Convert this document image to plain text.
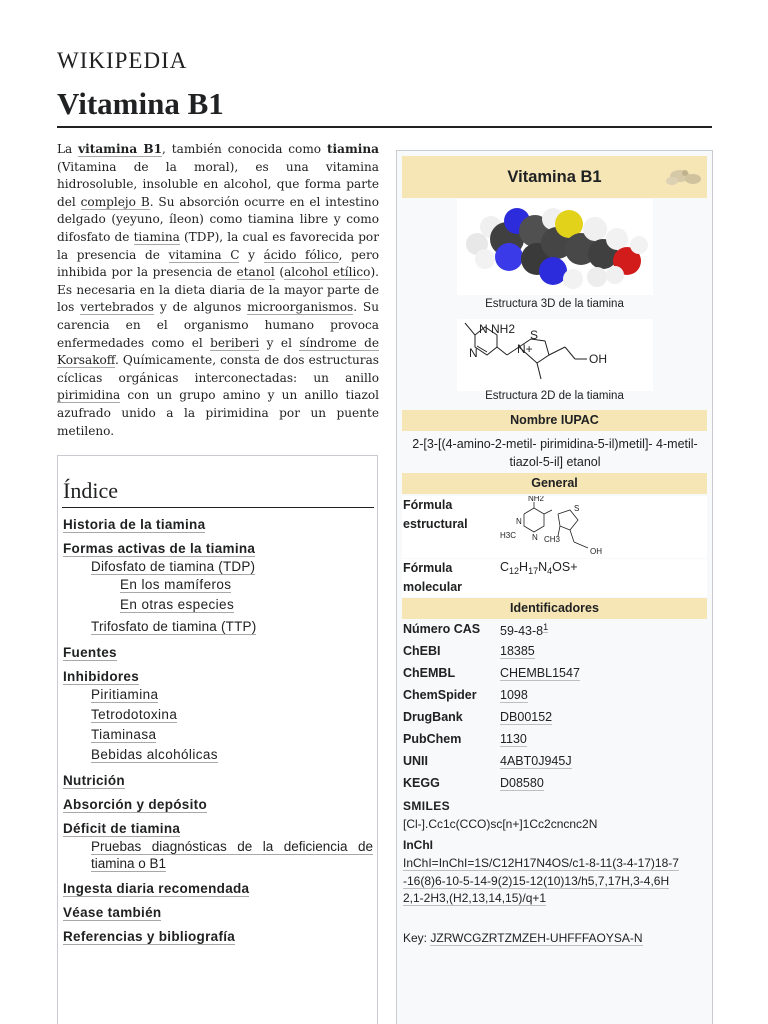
WIKIPEDIA
Vitamina B1
La vitamina B1, también conocida como tiamina (Vitamina de la moral), es una vitamina hidrosoluble, insoluble en alcohol, que forma parte del complejo B. Su absorción ocurre en el intestino delgado (yeyuno, íleon) como tiamina libre y como difosfato de tiamina (TDP), la cual es favorecida por la presencia de vitamina C y ácido fólico, pero inhibida por la presencia de etanol (alcohol etílico). Es necesaria en la dieta diaria de la mayor parte de los vertebrados y de algunos microorganismos. Su carencia en el organismo humano provoca enfermedades como el beriberi y el síndrome de Korsakoff. Químicamente, consta de dos estructuras cíclicas orgánicas interconectadas: un anillo pirimidina con un grupo amino y un anillo tiazol azufrado unido a la pirimidina por un puente metileno.
Índice
Historia de la tiamina
Formas activas de la tiamina
Difosfato de tiamina (TDP)
En los mamíferos
En otras especies
Trifosfato de tiamina (TTP)
Fuentes
Inhibidores
Piritiamina
Tetrodotoxina
Tiaminasa
Bebidas alcohólicas
Nutrición
Absorción y depósito
Déficit de tiamina
Pruebas diagnósticas de la deficiencia de tiamina o B1
Ingesta diaria recomendada
Véase también
Referencias y bibliografía
Vitamina B1
Estructura 3D de la tiamina
N
N NH2 S
N+
OH
Estructura 2D de la tiamina
Nombre IUPAC
2-[3-[(4-amino-2-metil- pirimidina-5-il)metil]- 4-metil-tiazol-5-il] etanol
General
Fórmula estructural
NH2
S
N
N
H3C	CH3
OH
Fórmula molecular
$C_{12}H_{17}N_4OS+$
Identificadores
Número CAS $59-43-8^1$
ChEBI	18385
ChEMBL	CHEMBL1547
ChemSpider 1098
DrugBank	DB00152
PubChem	1130
UNII	4ABT0J945J
KEGG	D08580
SMILES
[Cl-].Cc1c(CCO)sc[n+]1Cc2cncnc2N
InChI
InChI=InChI=1S/C12H17N4OS/c1-8-11(3-4-17)18-7-16(8)6-10-5-14-9(2)15-12(10)13/h5,7,17H,3-4,6H2,1-2H3,(H2,13,14,15)/q+1
Key: JZRWCGZRTZMZEH-UHFFFAOYSA-N
